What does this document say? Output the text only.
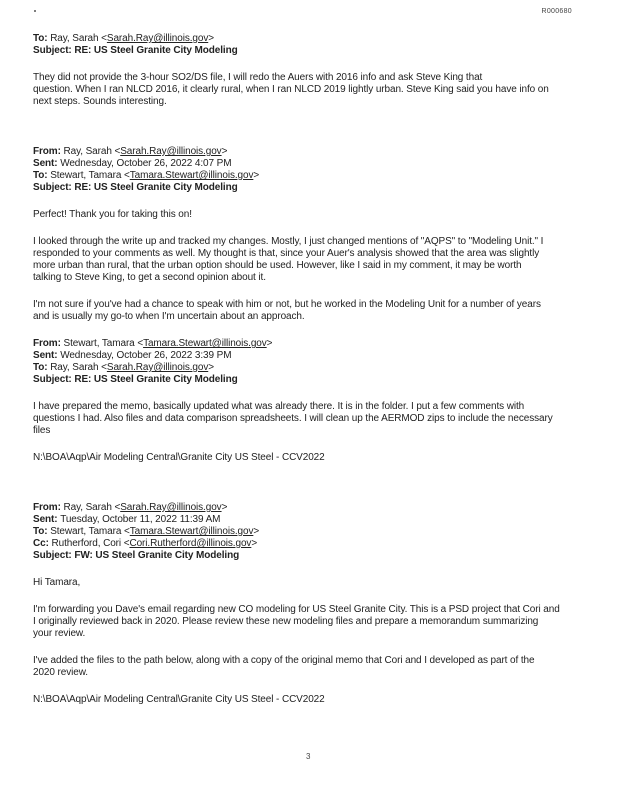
R000680
To: Ray, Sarah <Sarah.Ray@illinois.gov>
Subject: RE: US Steel Granite City Modeling
They did not provide the 3-hour SO2/DS file, I will redo the Auers with 2016 info and ask Steve King that
question. When I ran NLCD 2016, it clearly rural, when I ran NLCD 2019 lightly urban. Steve King said you have info on
next steps. Sounds interesting.
From: Ray, Sarah <Sarah.Ray@illinois.gov>
Sent: Wednesday, October 26, 2022 4:07 PM
To: Stewart, Tamara <Tamara.Stewart@illinois.gov>
Subject: RE: US Steel Granite City Modeling
Perfect! Thank you for taking this on!
I looked through the write up and tracked my changes. Mostly, I just changed mentions of "AQPS" to "Modeling Unit." I
responded to your comments as well. My thought is that, since your Auer's analysis showed that the area was slightly
more urban than rural, that the urban option should be used. However, like I said in my comment, it may be worth
talking to Steve King, to get a second opinion about it.
I'm not sure if you've had a chance to speak with him or not, but he worked in the Modeling Unit for a number of years
and is usually my go-to when I'm uncertain about an approach.
From: Stewart, Tamara <Tamara.Stewart@illinois.gov>
Sent: Wednesday, October 26, 2022 3:39 PM
To: Ray, Sarah <Sarah.Ray@illinois.gov>
Subject: RE: US Steel Granite City Modeling
I have prepared the memo, basically updated what was already there. It is in the folder. I put a few comments with
questions I had. Also files and data comparison spreadsheets. I will clean up the AERMOD zips to include the necessary
files
N:\BOA\Aqp\Air Modeling Central\Granite City US Steel - CCV2022
From: Ray, Sarah <Sarah.Ray@illinois.gov>
Sent: Tuesday, October 11, 2022 11:39 AM
To: Stewart, Tamara <Tamara.Stewart@illinois.gov>
Cc: Rutherford, Cori <Cori.Rutherford@illinois.gov>
Subject: FW: US Steel Granite City Modeling
Hi Tamara,
I'm forwarding you Dave's email regarding new CO modeling for US Steel Granite City. This is a PSD project that Cori and
I originally reviewed back in 2020. Please review these new modeling files and prepare a memorandum summarizing
your review.
I've added the files to the path below, along with a copy of the original memo that Cori and I developed as part of the
2020 review.
N:\BOA\Aqp\Air Modeling Central\Granite City US Steel - CCV2022
3
